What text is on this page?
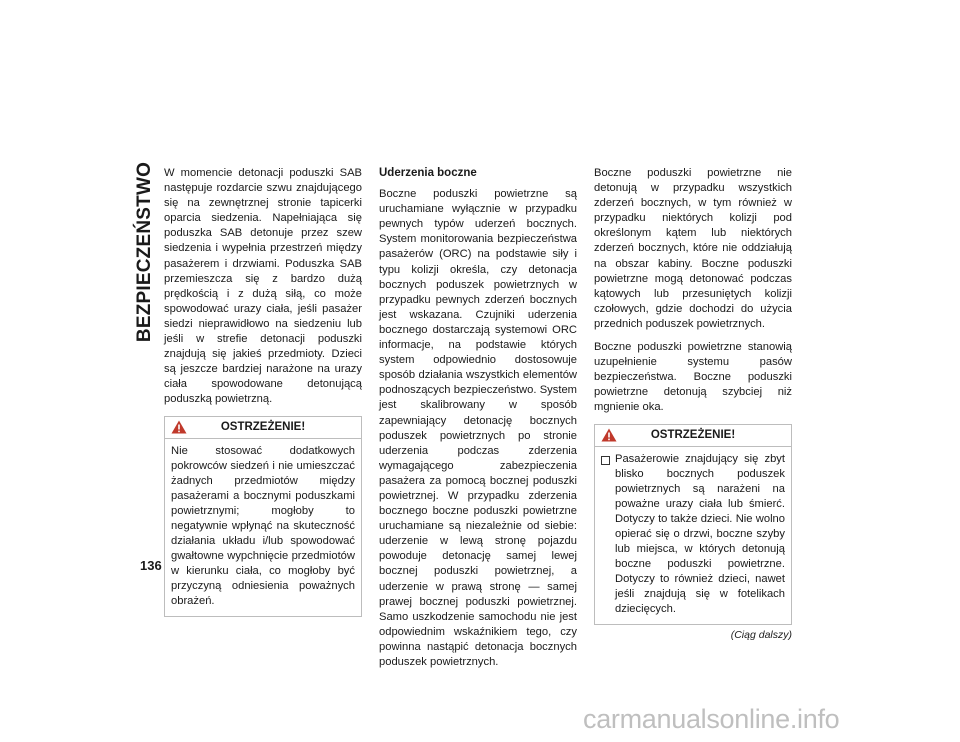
BEZPIECZEŃSTWO W momencie detonacji poduszki SAB następuje rozdarcie szwu znajdującego się na zewnętrznej stronie tapicerki oparcia siedzenia. Napełniająca się poduszka SAB detonuje przez szew siedzenia i wypełnia przestrzeń między pasażerem i drzwiami. Poduszka SAB przemieszcza się z bardzo dużą prędkością i z dużą siłą, co może spowodować urazy ciała, jeśli pasażer siedzi nieprawidłowo na siedzeniu lub jeśli w strefie detonacji poduszki znajdują się jakieś przedmioty. Dzieci są jeszcze bardziej narażone na urazy ciała spowodowane detonującą poduszką powietrzną.

OSTRZEŻENIE!

Nie stosować dodatkowych pokrowców siedzeń i nie umieszczać żadnych przedmiotów między pasażerami a bocznymi poduszkami powietrznymi; mogłoby to negatywnie wpłynąć na skuteczność działania układu i/lub spowodować gwałtowne wypchnięcie przedmiotów w kierunku ciała, co mogłoby być przyczyną odniesienia poważnych obrażeń.

Uderzenia boczne

Boczne poduszki powietrzne są uruchamiane wyłącznie w przypadku pewnych typów uderzeń bocznych. System monitorowania bezpieczeństwa pasażerów (ORC) na podstawie siły i typu kolizji określa, czy detonacja bocznych poduszek powietrznych w przypadku pewnych zderzeń bocznych jest wskazana. Czujniki uderzenia bocznego dostarczają systemowi ORC informacje, na podstawie których system odpowiednio dostosowuje sposób działania wszystkich elementów podnoszących bezpieczeństwo. System jest skalibrowany w sposób zapewniający detonację bocznych poduszek powietrznych po stronie uderzenia podczas zderzenia wymagającego zabezpieczenia pasażera za pomocą bocznej poduszki powietrznej. W przypadku zderzenia bocznego boczne poduszki powietrzne uruchamiane są niezależnie od siebie: uderzenie w lewą stronę pojazdu powoduje detonację samej lewej bocznej poduszki powietrznej, a uderzenie w prawą stronę — samej prawej bocznej poduszki powietrznej. Samo uszkodzenie samochodu nie jest odpowiednim wskaźnikiem tego, czy powinna nastąpić detonacja bocznych poduszek powietrznych.

Boczne poduszki powietrzne nie detonują w przypadku wszystkich zderzeń bocznych, w tym również w przypadku niektórych kolizji pod określonym kątem lub niektórych zderzeń bocznych, które nie oddziałują na obszar kabiny. Boczne poduszki powietrzne mogą detonować podczas kątowych lub przesuniętych kolizji czołowych, gdzie dochodzi do użycia przednich poduszek powietrznych.

Boczne poduszki powietrzne stanowią uzupełnienie systemu pasów bezpieczeństwa. Boczne poduszki powietrzne detonują szybciej niż mgnienie oka.

OSTRZEŻENIE!
Pasażerowie znajdujący się zbyt blisko bocznych poduszek powietrznych są narażeni na poważne urazy ciała lub śmierć. Dotyczy to także dzieci. Nie wolno opierać się o drzwi, boczne szyby lub miejsca, w których detonują boczne poduszki powietrzne. Dotyczy to również dzieci, nawet jeśli znajdują się w fotelikach dziecięcych.
(Ciąg dalszy)
136
carmanualsonline.info
